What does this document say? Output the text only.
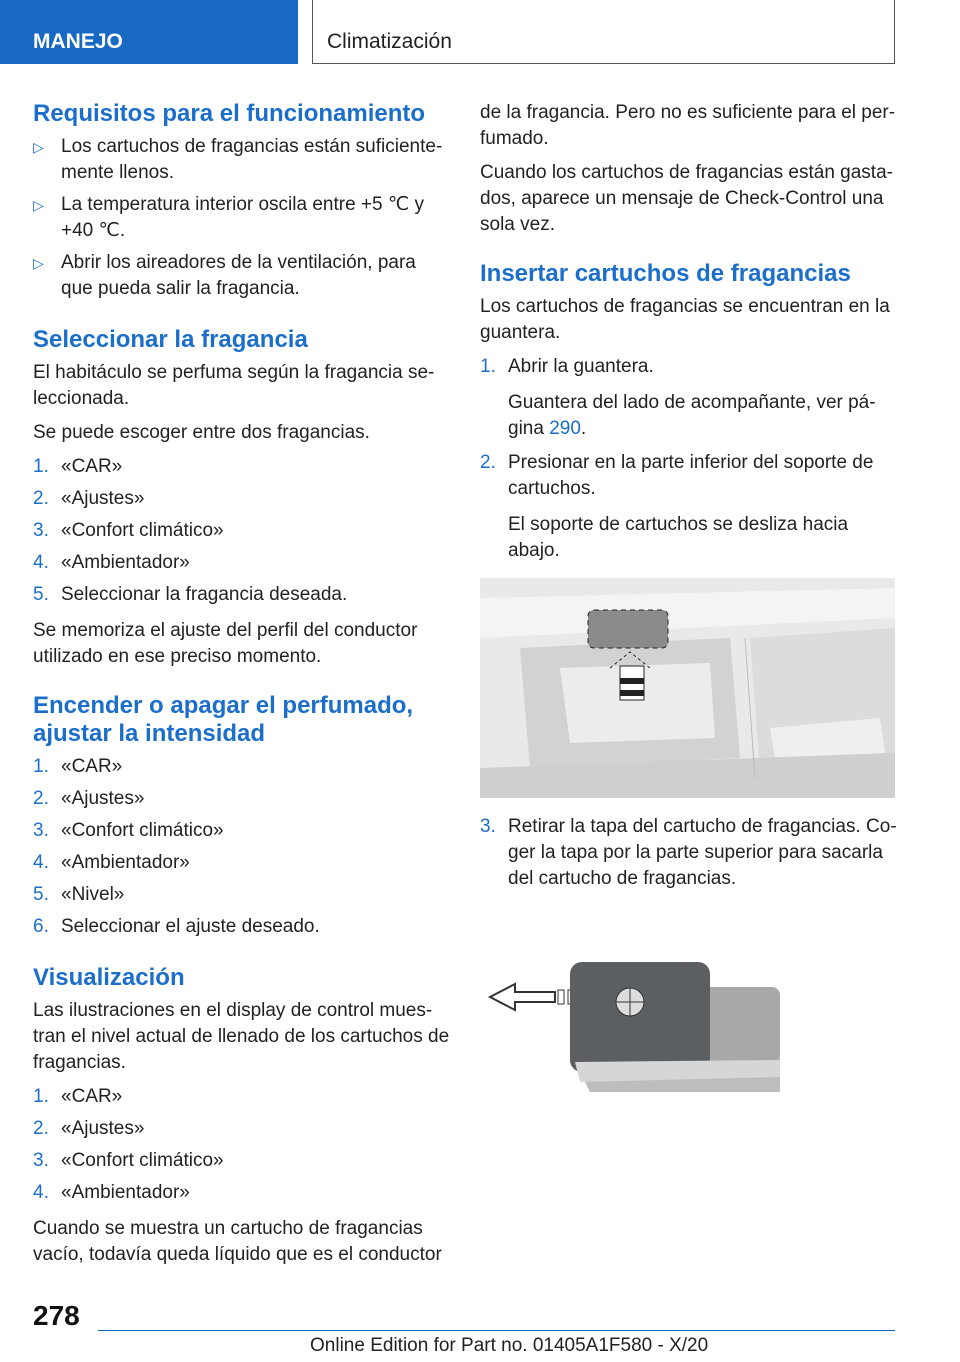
MANEJO	Climatización
Requisitos para el funcionamiento
▷ Los cartuchos de fragancias están suficientemente llenos.
▷ La temperatura interior oscila entre +5 ℃ y +40 ℃.
▷ Abrir los aireadores de la ventilación, para que pueda salir la fragancia.
Seleccionar la fragancia

El habitáculo se perfuma según la fragancia seleccionada.

Se puede escoger entre dos fragancias.

1. «CAR»
2. «Ajustes»
3. «Confort climático»
4. «Ambientador»
5. Seleccionar la fragancia deseada.

Se memoriza el ajuste del perfil del conductor utilizado en ese preciso momento.

Encender o apagar el perfumado, ajustar la intensidad
1. «CAR»
2. «Ajustes»
3. «Confort climático»
4. «Ambientador»
5. «Nivel»
6. Seleccionar el ajuste deseado.
Visualización

Las ilustraciones en el display de control muestran el nivel actual de llenado de los cartuchos de fragancias.

1. «CAR»
2. «Ajustes»
3. «Confort climático»
4. «Ambientador»

Cuando se muestra un cartucho de fragancias vacío, todavía queda líquido que es el conductor

de la fragancia. Pero no es suficiente para el perfumado.

Cuando los cartuchos de fragancias están gastados, aparece un mensaje de Check-Control una sola vez.

Insertar cartuchos de fragancias

Los cartuchos de fragancias se encuentran en la guantera.

1. Abrir la guantera.
Guantera del lado de acompañante, ver página 290.
2. Presionar en la parte inferior del soporte de cartuchos.
El soporte de cartuchos se desliza hacia abajo.
3. Retirar la tapa del cartucho de fragancias. Coger la tapa por la parte superior para sacarla del cartucho de fragancias.
278
Online Edition for Part no. 01405A1F580 - X/20
